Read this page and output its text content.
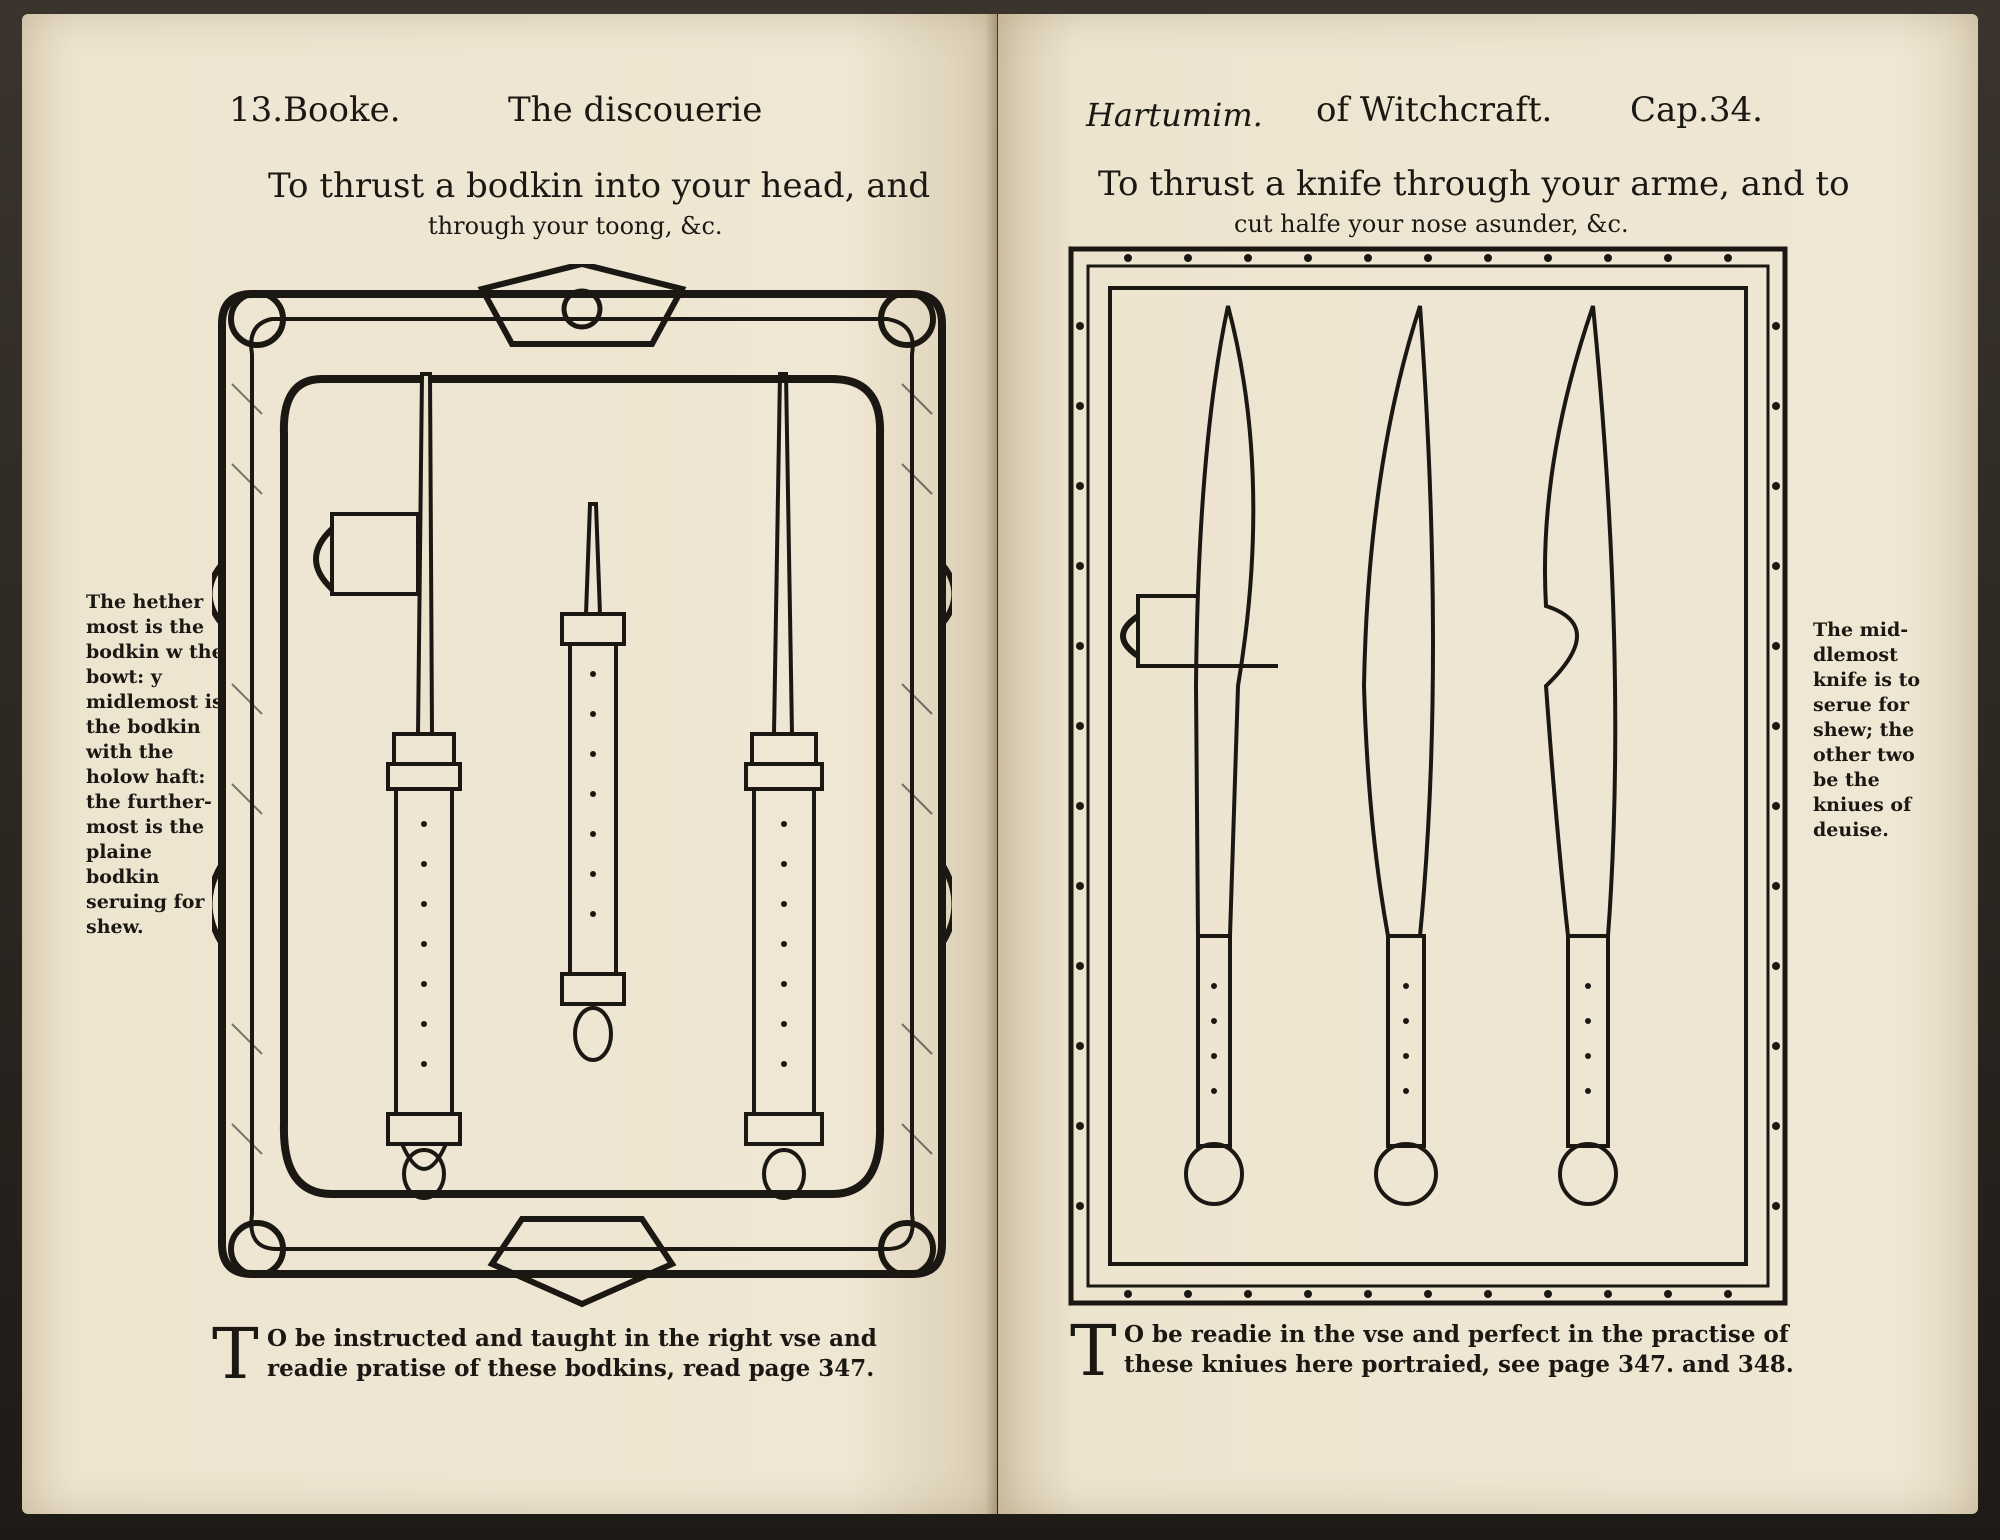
13.Booke.	The discouerie
To thrust a bodkin into your head, and
through your toong, &c.
The hether most is the bodkin w the bowt: y midlemost is the bodkin with the holow haft: the furthermost is the plaine bodkin seruing for shew.
T O be instructed and taught in the right vse and readie pratise of these bodkins, read page 347.
Hartumim. of Witchcraft. Cap.34.
To thrust a knife through your arme, and to
cut halfe your nose asunder, &c.
The middlemost knife is to serue for shew; the other two be the kniues of deuise.
T O be readie in the vse and perfect in the practise of these kniues here portraied, see page 347. and 348.
